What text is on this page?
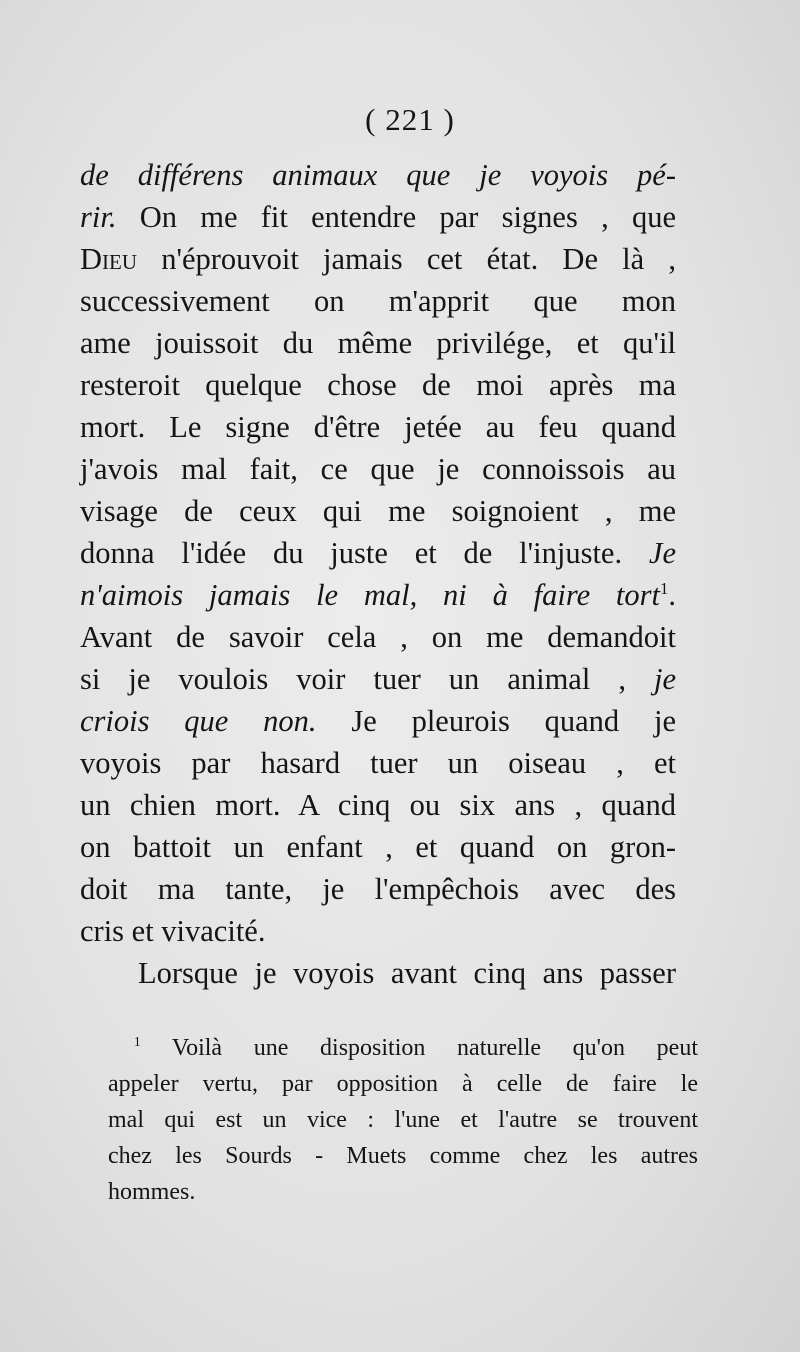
( 221 )
de différens animaux que je voyois pé-
rir. On me fit entendre par signes , que
Dieu n'éprouvoit jamais cet état. De là ,
successivement on m'apprit que mon
ame jouissoit du même privilége, et qu'il
resteroit quelque chose de moi après ma
mort. Le signe d'être jetée au feu quand
j'avois mal fait, ce que je connoissois au
visage de ceux qui me soignoient , me
donna l'idée du juste et de l'injuste. Je
n'aimois jamais le mal, ni à faire tort$^1$.
Avant de savoir cela , on me demandoit
si je voulois voir tuer un animal , je
criois que non. Je pleurois quand je
voyois par hasard tuer un oiseau , et
un chien mort. A cinq ou six ans , quand
on battoit un enfant , et quand on gron-
doit ma tante, je l'empêchois avec des
cris et vivacité.
Lorsque je voyois avant cinq ans passer
$^1$ Voilà une disposition naturelle qu'on peut
appeler vertu, par opposition à celle de faire le
mal qui est un vice : l'une et l'autre se trouvent
chez les Sourds - Muets comme chez les autres
hommes.
